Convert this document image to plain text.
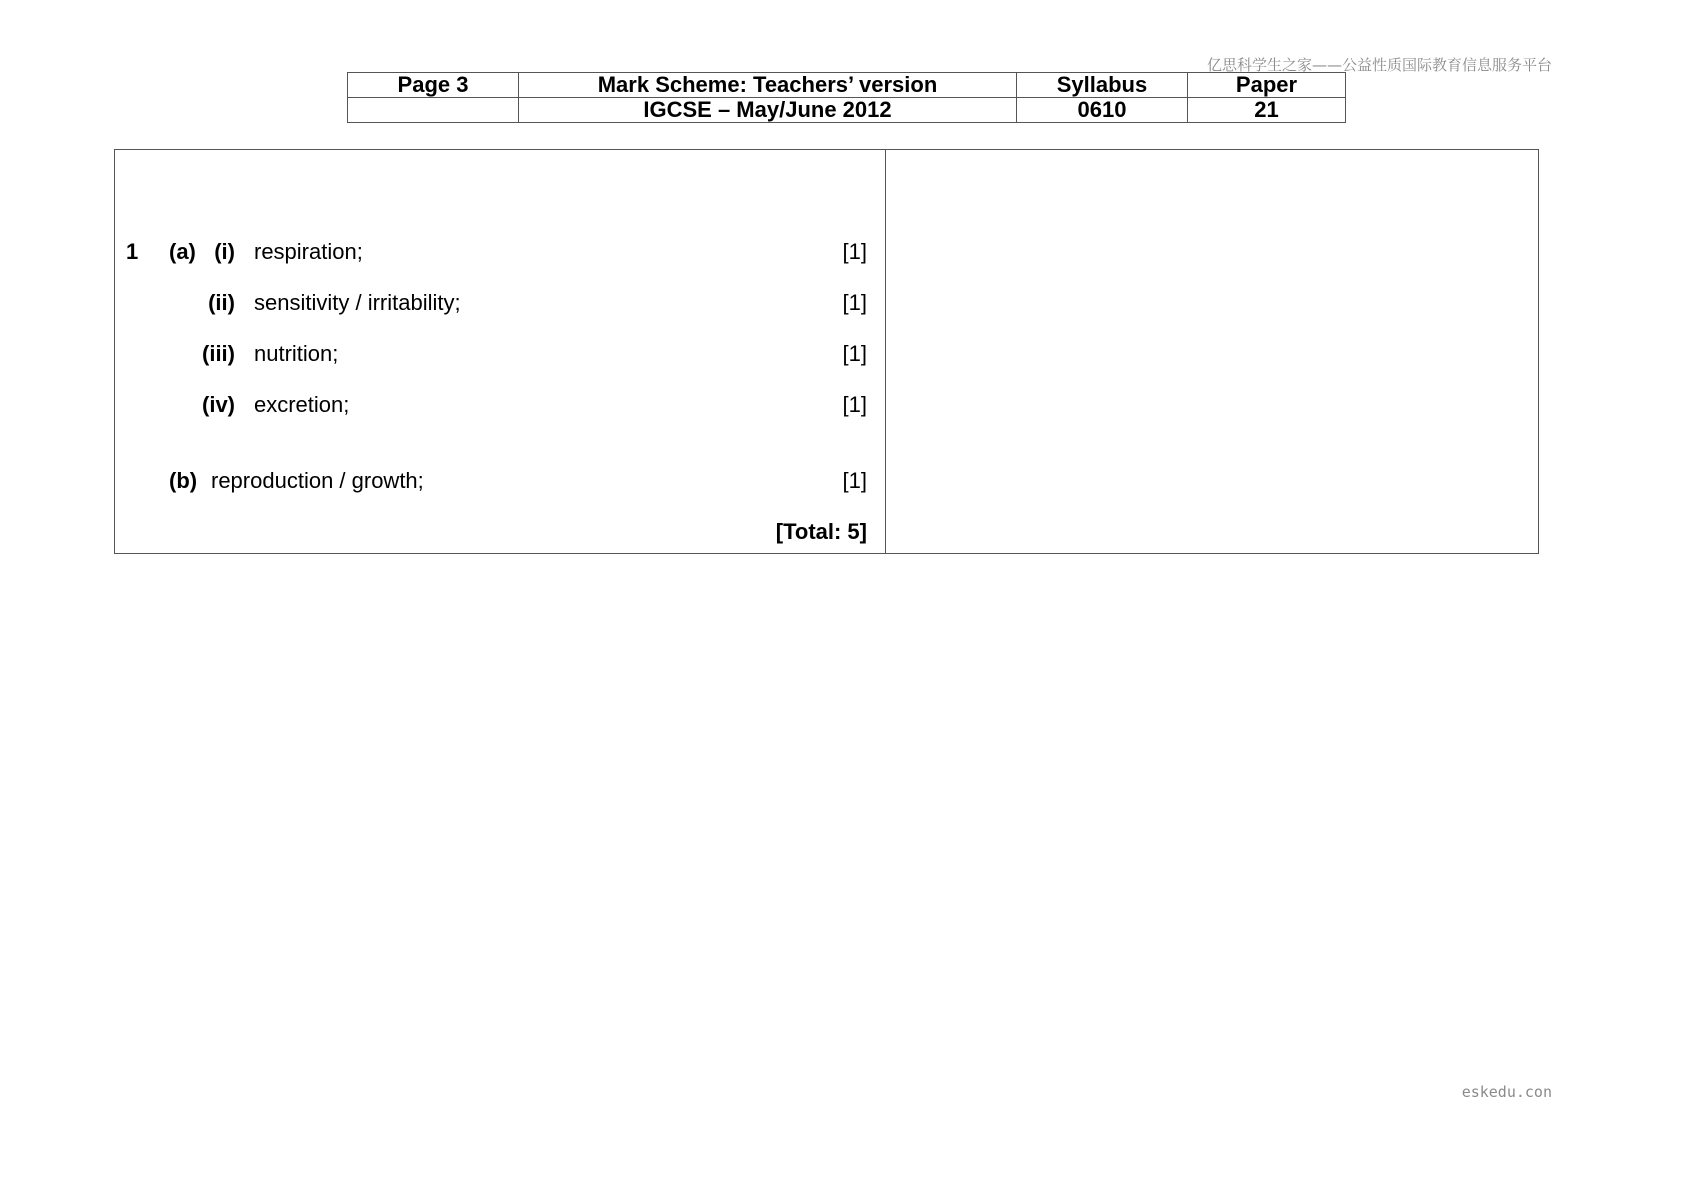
亿思科学生之家——公益性质国际教育信息服务平台
Page 3	Mark Scheme: Teachers’ version	Syllabus	Paper
	IGCSE – May/June 2012	0610	21
1 (a) (i) respiration;	[1]
(ii) sensitivity / irritability;	[1]
(iii) nutrition;	[1]
(iv) excretion;	[1]
(b) reproduction / growth;	[1]
[Total: 5]
eskedu.con
